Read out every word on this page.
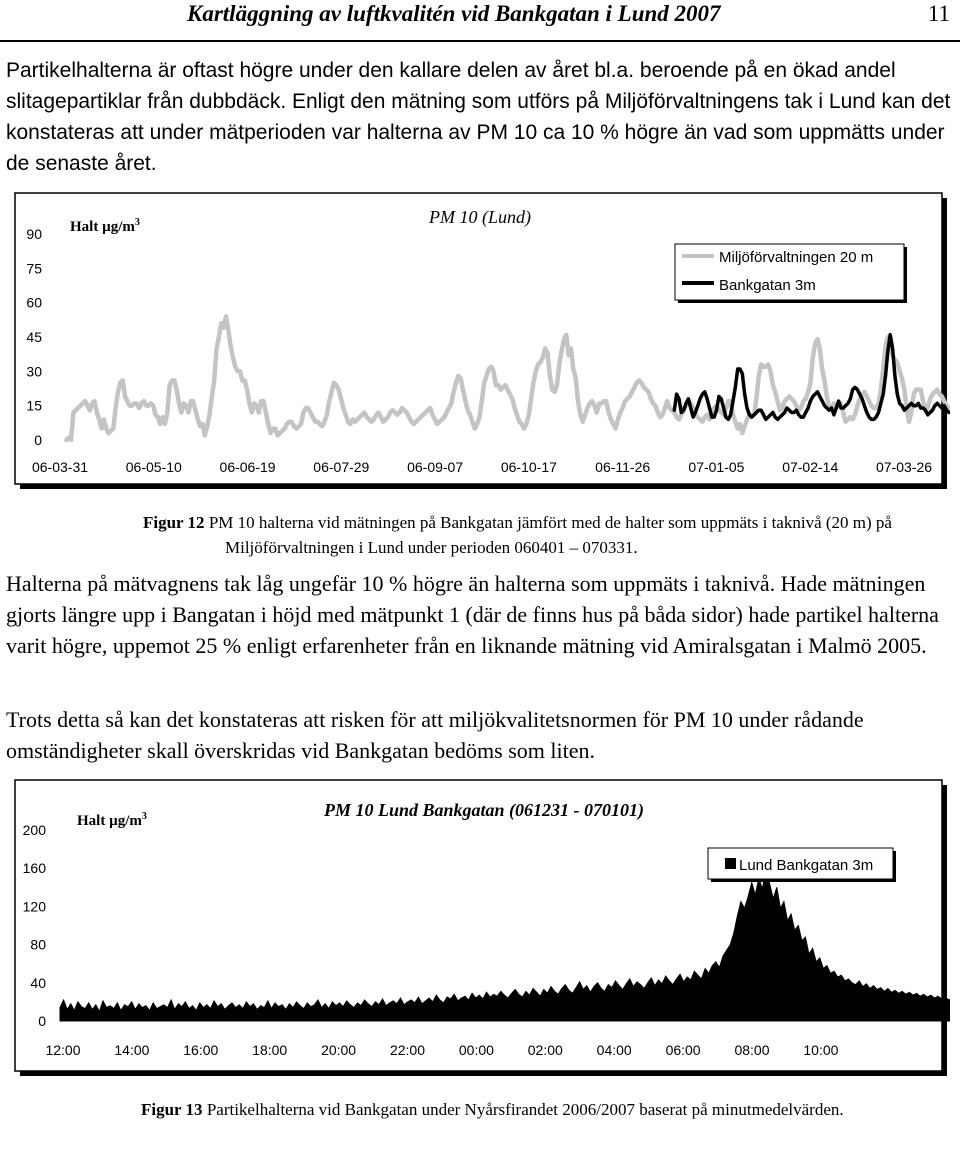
Kartläggning av luftkvalitén vid Bankgatan i Lund 2007	11

Partikelhalterna är oftast högre under den kallare delen av året bl.a. beroende på en ökad andel slitagepartiklar från dubbdäck. Enligt den mätning som utförs på Miljöförvaltningens tak i Lund kan det konstateras att under mätperioden var halterna av PM 10 ca 10 % högre än vad som uppmätts under de senaste året.

0
15
30
45
60
75
90
06-03-31	06-05-10	06-06-19	06-07-29	06-09-07	06-10-17	06-11-26	07-01-05	07-02-14	07-03-26
PM 10 (Lund)
Halt $\mu g/m^3$
Miljöförvaltningen 20 m
Bankgatan 3m

Figur 12 PM 10 halterna vid mätningen på Bankgatan jämfört med de halter som uppmäts i taknivå (20 m) på Miljöförvaltningen i Lund under perioden 060401 – 070331.

Halterna på mätvagnens tak låg ungefär 10 % högre än halterna som uppmäts i taknivå. Hade mätningen gjorts längre upp i Bangatan i höjd med mätpunkt 1 (där de finns hus på båda sidor) hade partikel halterna varit högre, uppemot 25 % enligt erfarenheter från en liknande mätning vid Amiralsgatan i Malmö 2005.

Trots detta så kan det konstateras att risken för att miljökvalitetsnormen för PM 10 under rådande omständigheter skall överskridas vid Bankgatan bedöms som liten.

0
40
80
120
160
200
12:00 14:00 16:00 18:00 20:00 22:00 00:00 02:00 04:00 06:00 08:00 10:00
PM 10 Lund Bankgatan (061231 - 070101)
Halt $\mu g/m^3$
Lund Bankgatan 3m

Figur 13 Partikelhalterna vid Bankgatan under Nyårsfirandet 2006/2007 baserat på minutmedelvärden.
